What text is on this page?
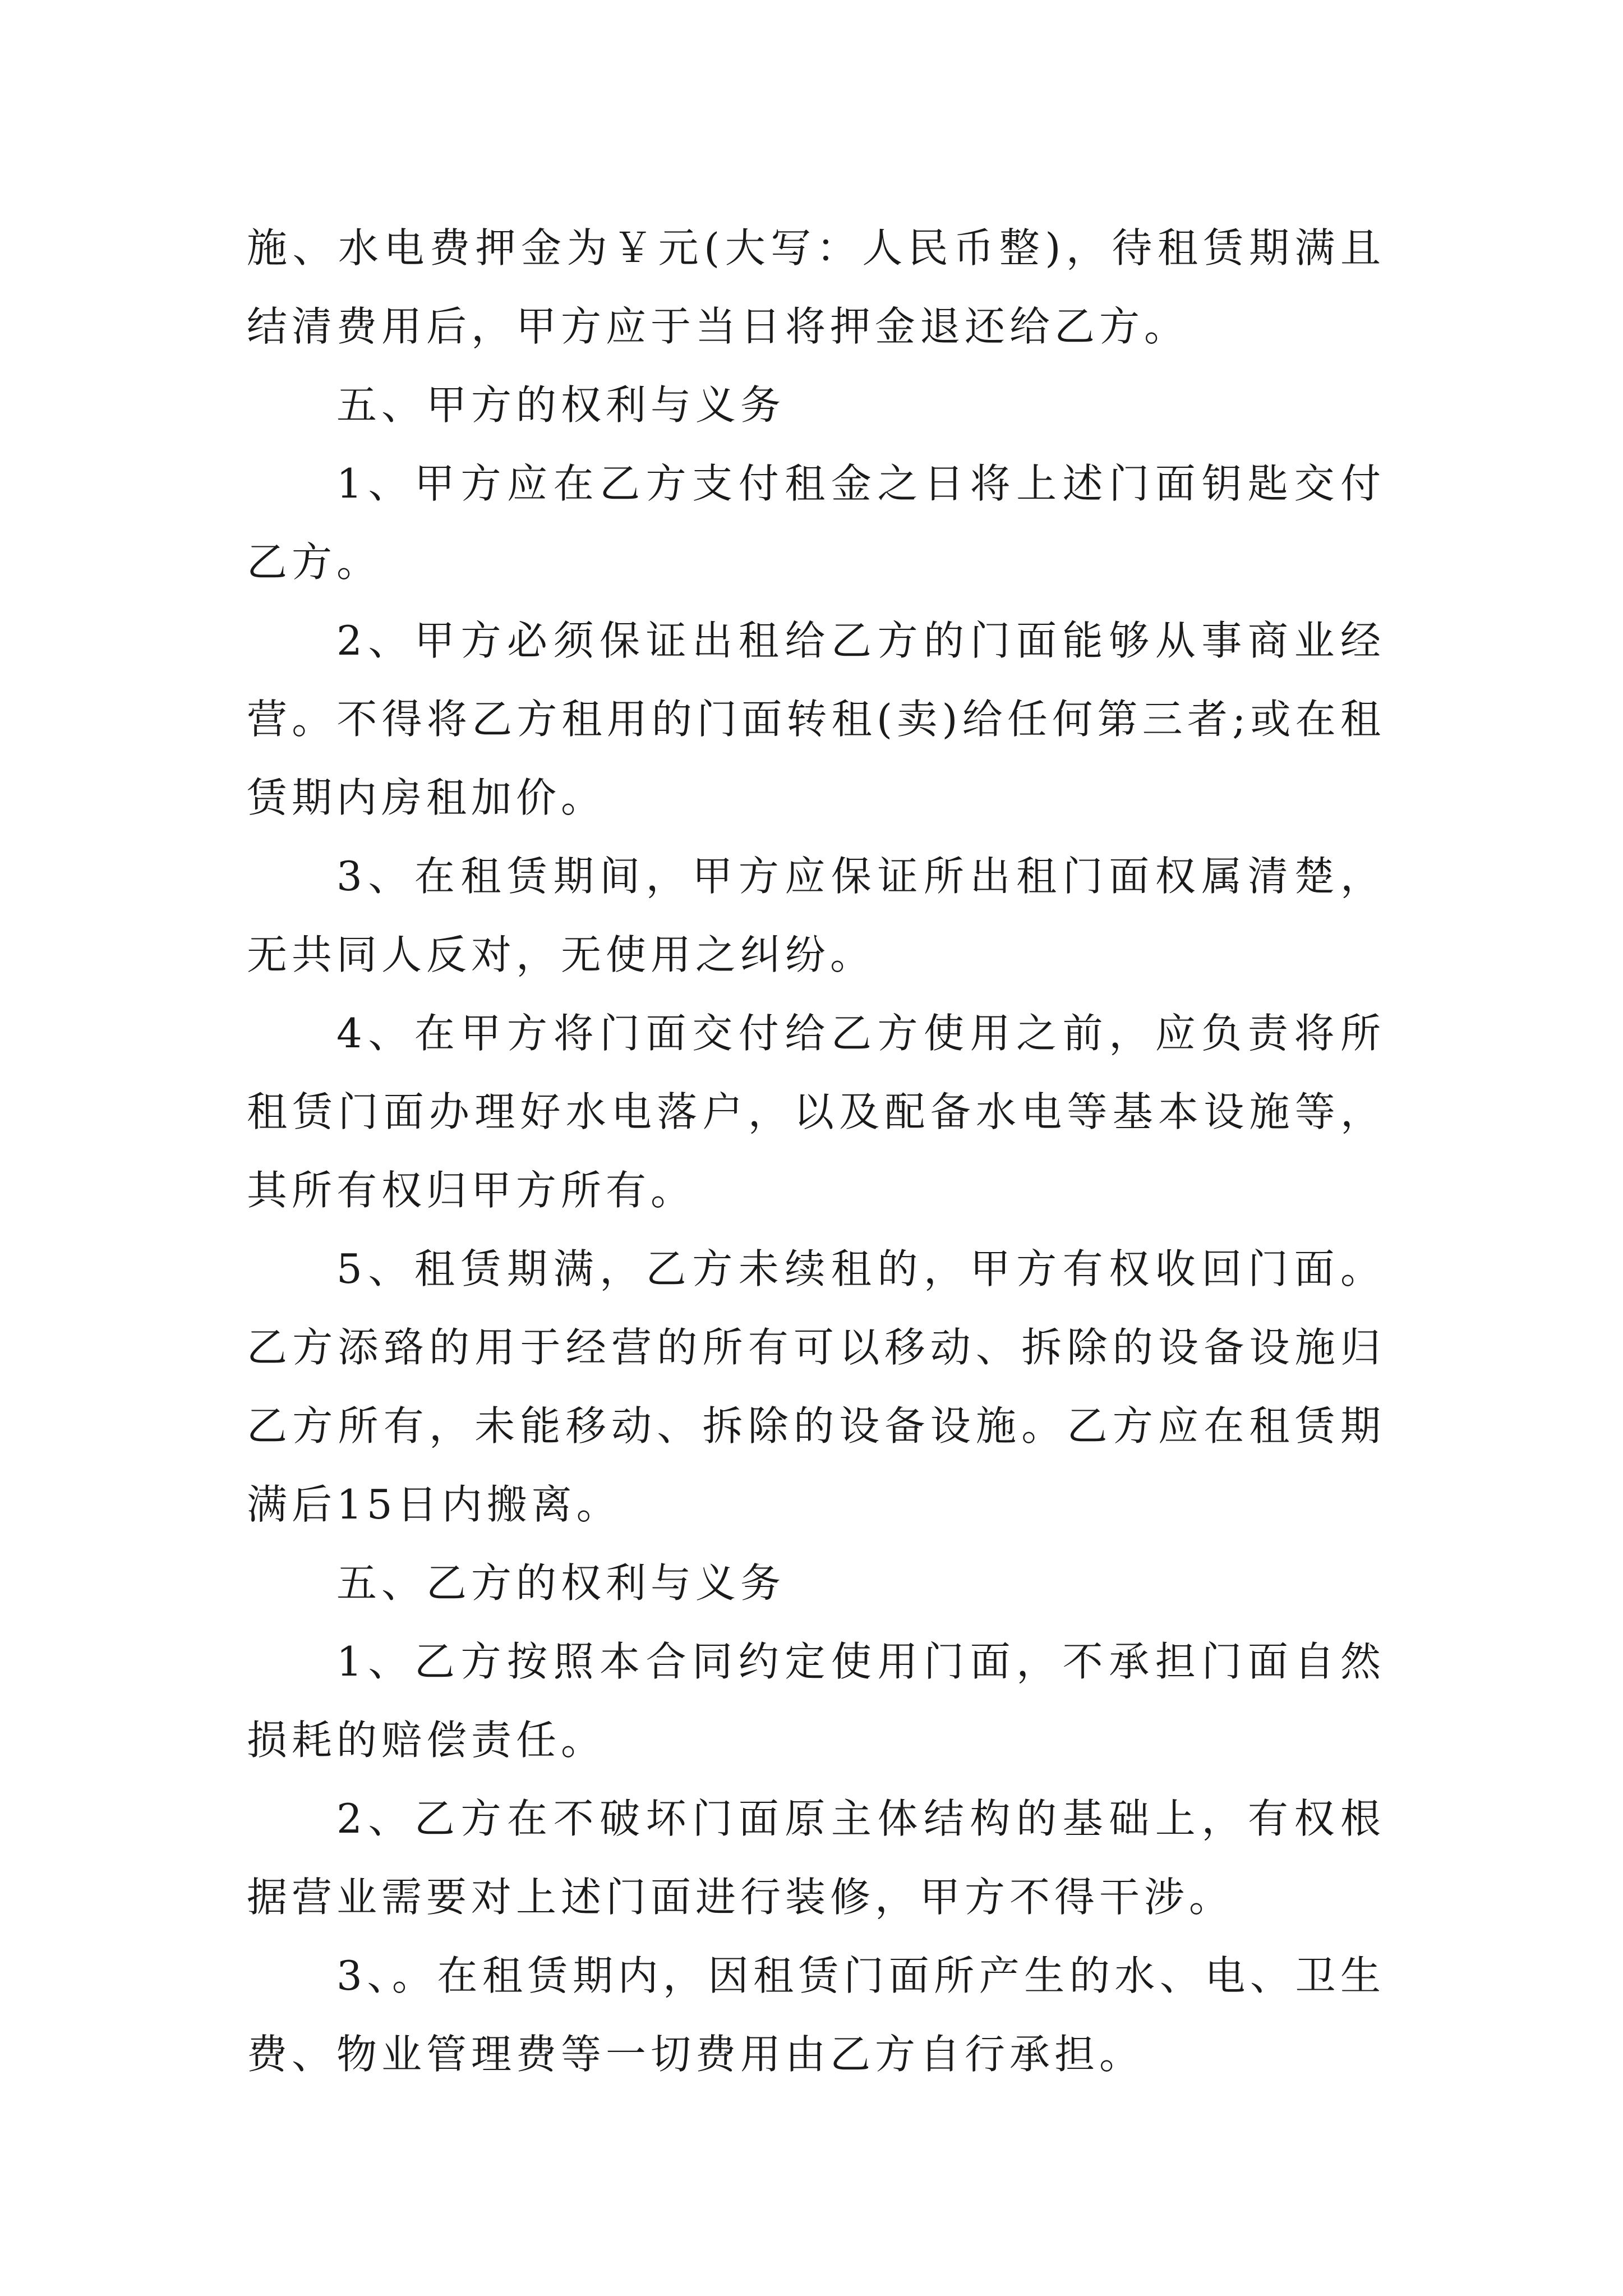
施、水电费押金为￥元(大写：人民币整)，待租赁期满且结清费用后，甲方应于当日将押金退还给乙方。

五、甲方的权利与义务

1、甲方应在乙方支付租金之日将上述门面钥匙交付乙方。

2、甲方必须保证出租给乙方的门面能够从事商业经营。不得将乙方租用的门面转租(卖)给任何第三者;或在租赁期内房租加价。

3、在租赁期间，甲方应保证所出租门面权属清楚，无共同人反对，无使用之纠纷。

4、在甲方将门面交付给乙方使用之前，应负责将所租赁门面办理好水电落户，以及配备水电等基本设施等，其所有权归甲方所有。

5、租赁期满，乙方未续租的，甲方有权收回门面。乙方添臵的用于经营的所有可以移动、拆除的设备设施归乙方所有，未能移动、拆除的设备设施。乙方应在租赁期满后15日内搬离。

五、乙方的权利与义务

1、乙方按照本合同约定使用门面，不承担门面自然损耗的赔偿责任。

2、乙方在不破坏门面原主体结构的基础上，有权根据营业需要对上述门面进行装修，甲方不得干涉。

3、。在租赁期内，因租赁门面所产生的水、电、卫生费、物业管理费等一切费用由乙方自行承担。
